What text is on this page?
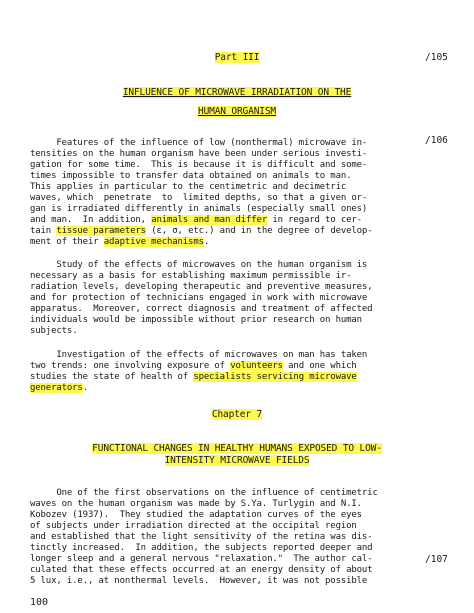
Part III	/105
INFLUENCE OF MICROWAVE IRRADIATION ON THE
HUMAN ORGANISM
/106
Features of the influence of low (nonthermal) microwave in-
tensities on the human organism have been under serious investi-
gation for some time.  This is because it is difficult and some-
times impossible to transfer data obtained on animals to man.
This applies in particular to the centimetric and decimetric
waves, which  penetrate  to  limited depths, so that a given or-
gan is irradiated differently in animals (especially small ones)
and man.  In addition, animals and man differ in regard to cer-
tain tissue parameters (ε, σ, etc.) and in the degree of develop-
ment of their adaptive mechanisms.
Study of the effects of microwaves on the human organism is
necessary as a basis for establishing maximum permissible ir-
radiation levels, developing therapeutic and preventive measures,
and for protection of technicians engaged in work with microwave
apparatus.  Moreover, correct diagnosis and treatment of affected
individuals would be impossible without prior research on human
subjects.
Investigation of the effects of microwaves on man has taken
two trends: one involving exposure of volunteers and one which
studies the state of health of specialists servicing microwave
generators.
Chapter 7
FUNCTIONAL CHANGES IN HEALTHY HUMANS EXPOSED TO LOW-
INTENSITY MICROWAVE FIELDS
One of the first observations on the influence of centimetric
waves on the human organism was made by S.Ya. Turlygin and N.I.
Kobozev (1937).  They studied the adaptation curves of the eyes
of subjects under irradiation directed at the occipital region
and established that the light sensitivity of the retina was dis-
tinctly increased.  In addition, the subjects reported deeper and
longer sleep and a general nervous "relaxation."  The author cal-	/107
culated that these effects occurred at an energy density of about
5 lux, i.e., at nonthermal levels.  However, it was not possible
100
